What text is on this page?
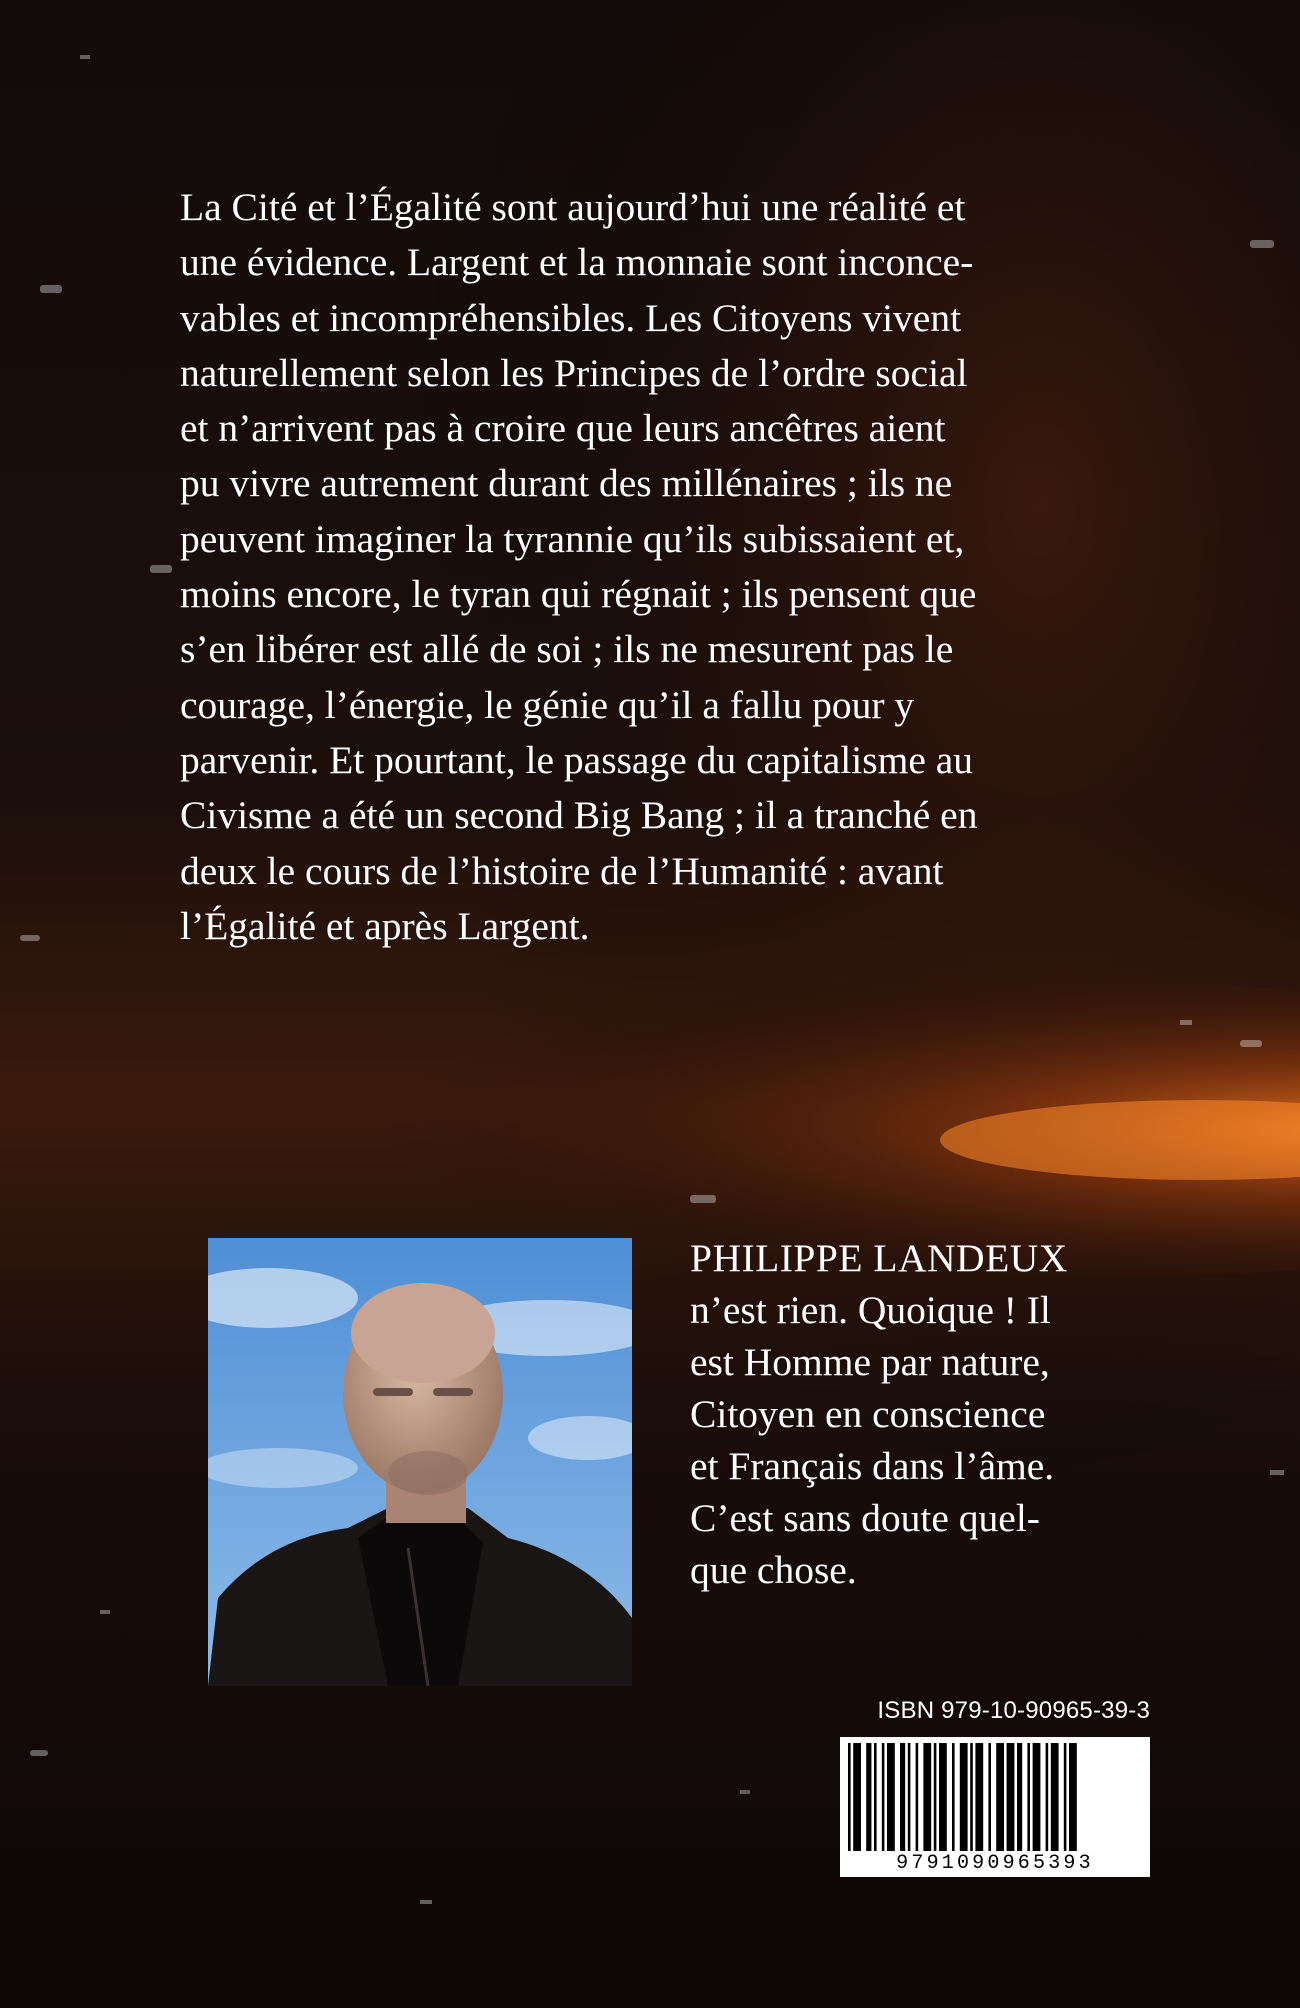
La Cité et l’Égalité sont aujourd’hui une réalité et
une évidence. Largent et la monnaie sont inconce-
vables et incompréhensibles. Les Citoyens vivent
naturellement selon les Principes de l’ordre social
et n’arrivent pas à croire que leurs ancêtres aient
pu vivre autrement durant des millénaires ; ils ne
peuvent imaginer la tyrannie qu’ils subissaient et,
moins encore, le tyran qui régnait ; ils pensent que
s’en libérer est allé de soi ; ils ne mesurent pas le
courage, l’énergie, le génie qu’il a fallu pour y
parvenir. Et pourtant, le passage du capitalisme au
Civisme a été un second Big Bang ; il a tranché en
deux le cours de l’histoire de l’Humanité : avant
l’Égalité et après Largent.
PHILIPPE LANDEUX
n’est rien. Quoique ! Il
est Homme par nature,
Citoyen en conscience
et Français dans l’âme.
C’est sans doute quel-
que chose.
ISBN 979-10-90965-39-3
9791090965393
